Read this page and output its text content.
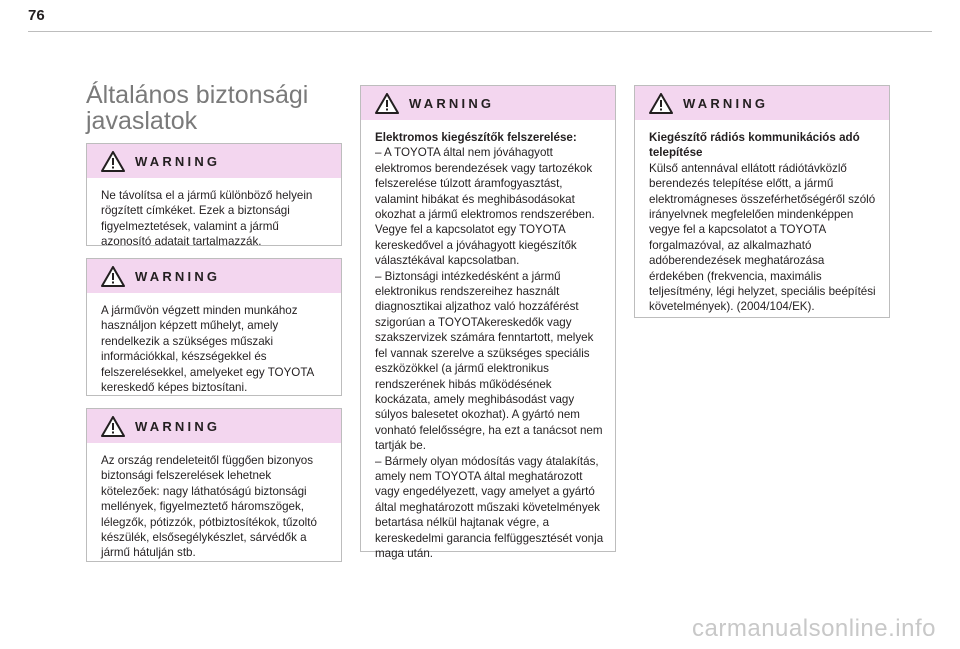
76
Általános biztonsági javaslatok
WARNING

Ne távolítsa el a jármű különböző helyein rögzített címkéket. Ezek a biztonsági figyelmeztetések, valamint a jármű azonosító adatait tartalmazzák.

WARNING

A járművön végzett minden munkához használjon képzett műhelyt, amely rendelkezik a szükséges műszaki információkkal, készségekkel és felszerelésekkel, amelyeket egy TOYOTA kereskedő képes biztosítani.

WARNING

Az ország rendeleteitől függően bizonyos biztonsági felszerelések lehetnek kötelezőek: nagy láthatóságú biztonsági mellények, figyelmeztető háromszögek, lélegzők, pótizzók, pótbiztosítékok, tűzoltó készülék, elsősegélykészlet, sárvédők a jármű hátulján stb.

WARNING

Elektromos kiegészítők felszerelése:

– A TOYOTA által nem jóváhagyott elektromos berendezések vagy tartozékok felszerelése túlzott áramfogyasztást, valamint hibákat és meghibásodásokat okozhat a jármű elektromos rendszerében. Vegye fel a kapcsolatot egy TOYOTA kereskedővel a jóváhagyott kiegészítők választékával kapcsolatban.

– Biztonsági intézkedésként a jármű elektronikus rendszereihez használt diagnosztikai aljzathoz való hozzáférést szigorúan a TOYOTAkereskedők vagy szakszervizek számára fenntartott, melyek fel vannak szerelve a szükséges speciális eszközökkel (a jármű elektronikus rendszerének hibás működésének kockázata, amely meghibásodást vagy súlyos balesetet okozhat). A gyártó nem vonható felelősségre, ha ezt a tanácsot nem tartják be.

– Bármely olyan módosítás vagy átalakítás, amely nem TOYOTA által meghatározott vagy engedélyezett, vagy amelyet a gyártó által meghatározott műszaki követelmények betartása nélkül hajtanak végre, a kereskedelmi garancia felfüggesztését vonja maga után.

WARNING

Kiegészítő rádiós kommunikációs adó telepítése

Külső antennával ellátott rádiótávközlő berendezés telepítése előtt, a jármű elektromágneses összeférhetőségéről szóló irányelvnek megfelelően mindenképpen vegye fel a kapcsolatot a TOYOTA forgalmazóval, az alkalmazható adóberendezések meghatározása érdekében (frekvencia, maximális teljesítmény, légi helyzet, speciális beépítési követelmények). (2004/104/EK).

carmanualsonline.info
